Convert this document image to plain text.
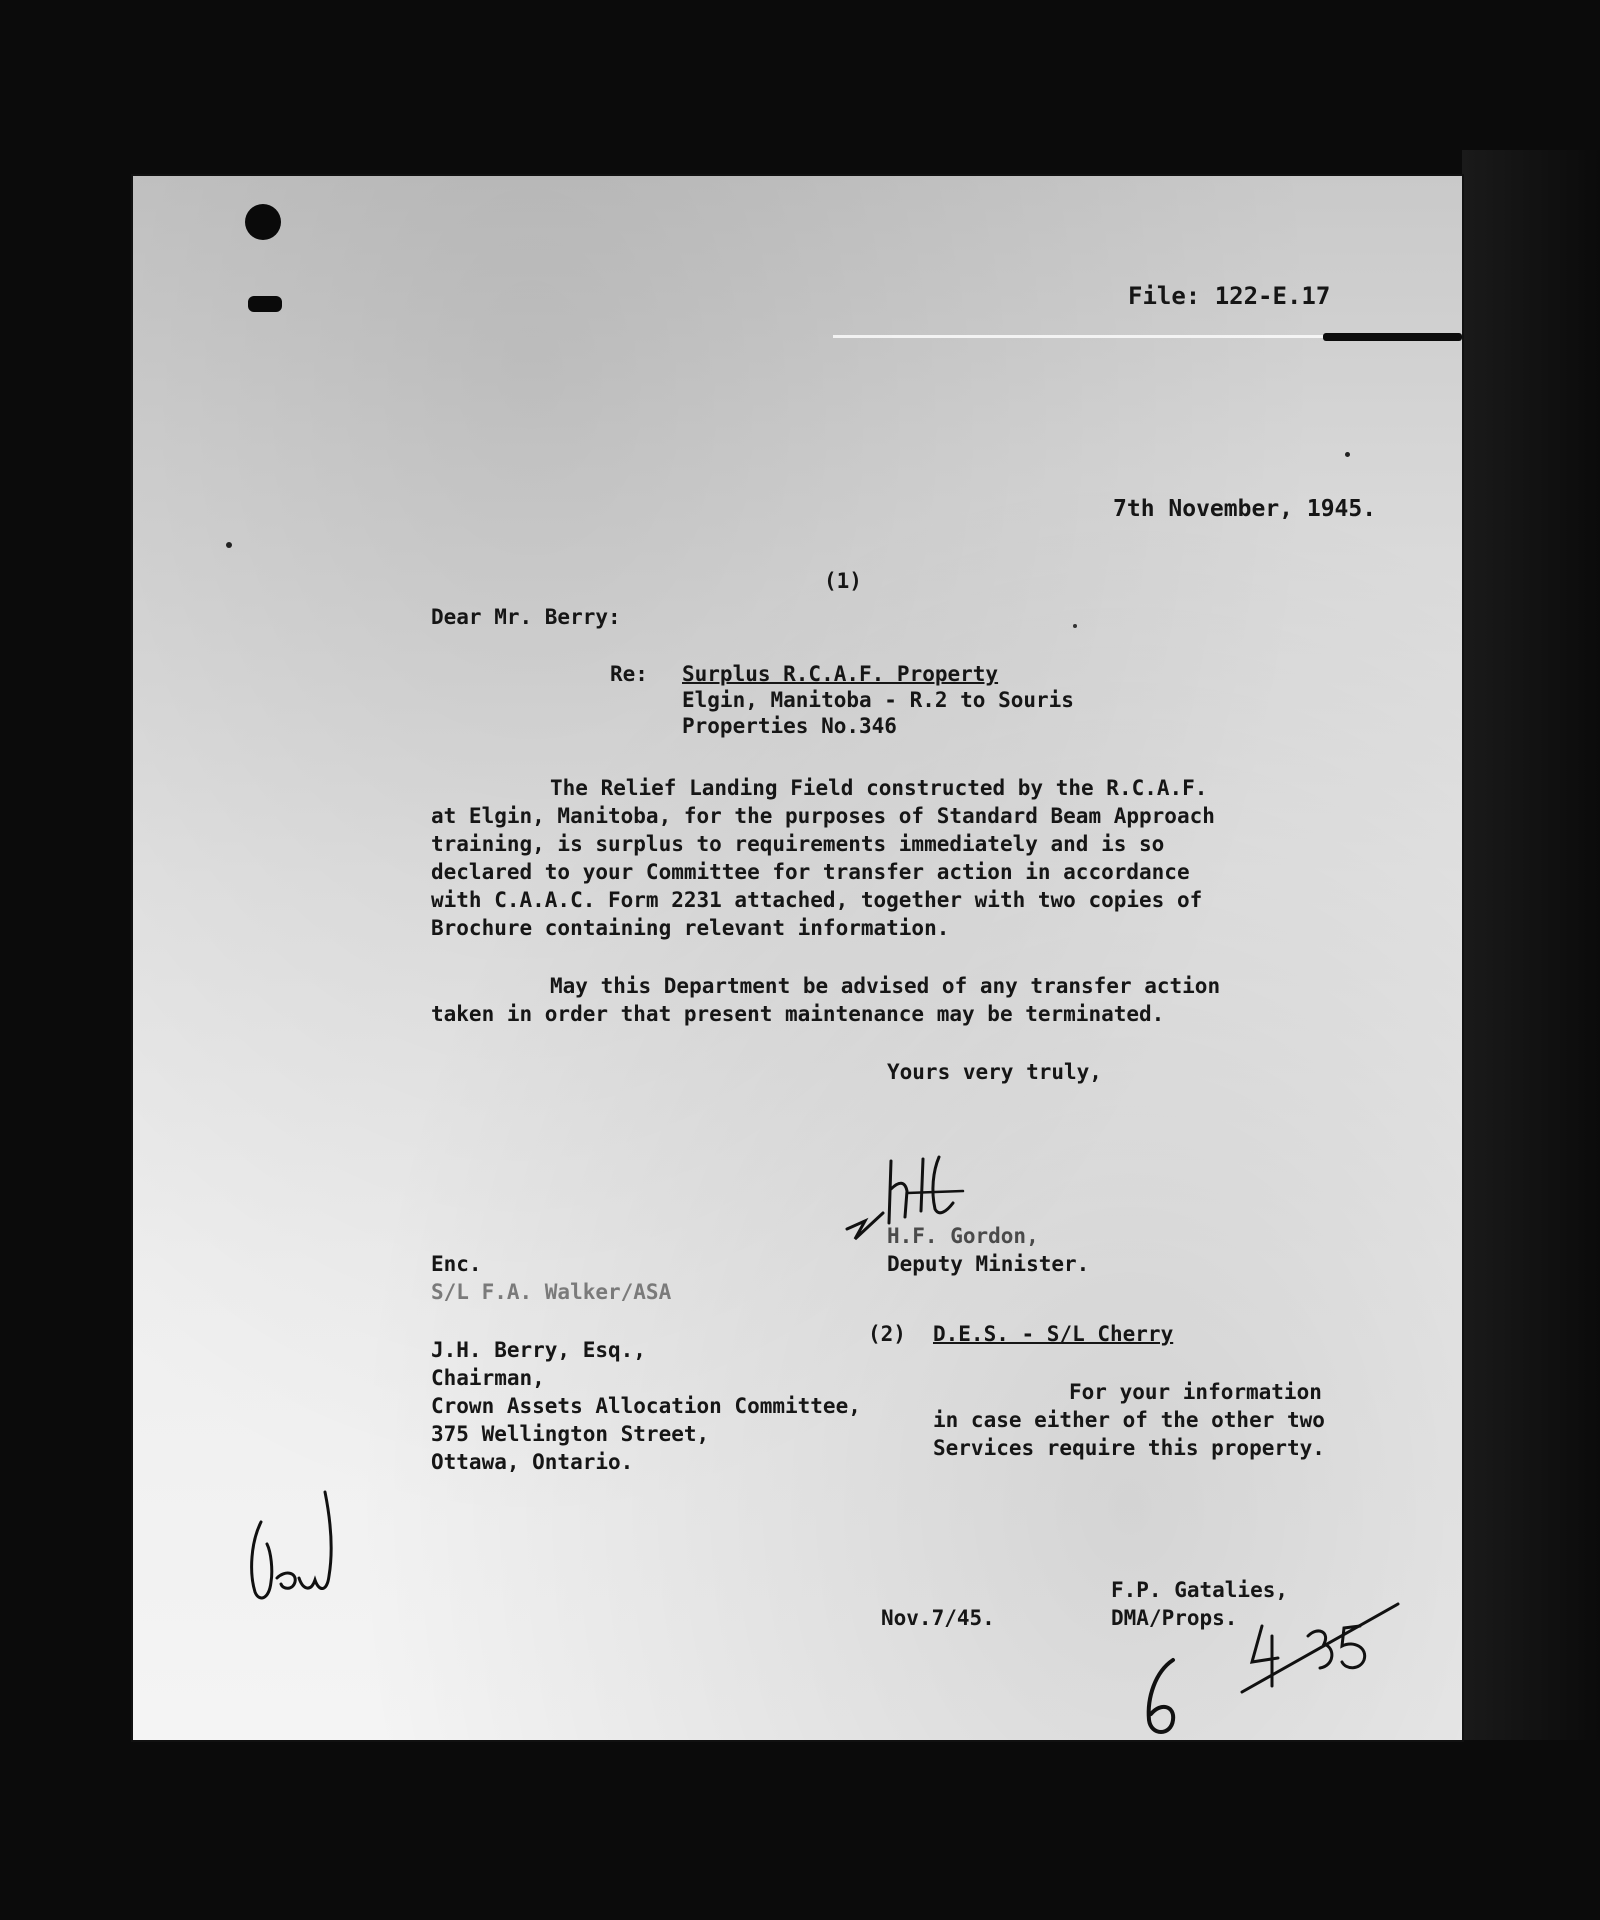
File: 122-E.17
7th November, 1945.
(1)
Dear Mr. Berry:
Re: Surplus R.C.A.F. Property
Elgin, Manitoba - R.2 to Souris
Properties No.346
The Relief Landing Field constructed by the R.C.A.F.
at Elgin, Manitoba, for the purposes of Standard Beam Approach
training, is surplus to requirements immediately and is so
declared to your Committee for transfer action in accordance
with C.A.A.C. Form 2231 attached, together with two copies of
Brochure containing relevant information.
May this Department be advised of any transfer action
taken in order that present maintenance may be terminated.
Yours very truly,
H.F. Gordon,
Deputy Minister.
Enc.
S/L F.A. Walker/ASA
J.H. Berry, Esq.,
Chairman,
Crown Assets Allocation Committee,
375 Wellington Street,
Ottawa, Ontario.
(2) D.E.S. - S/L Cherry
For your information
in case either of the other two
Services require this property.
Nov.7/45.
F.P. Gatalies,
DMA/Props.
